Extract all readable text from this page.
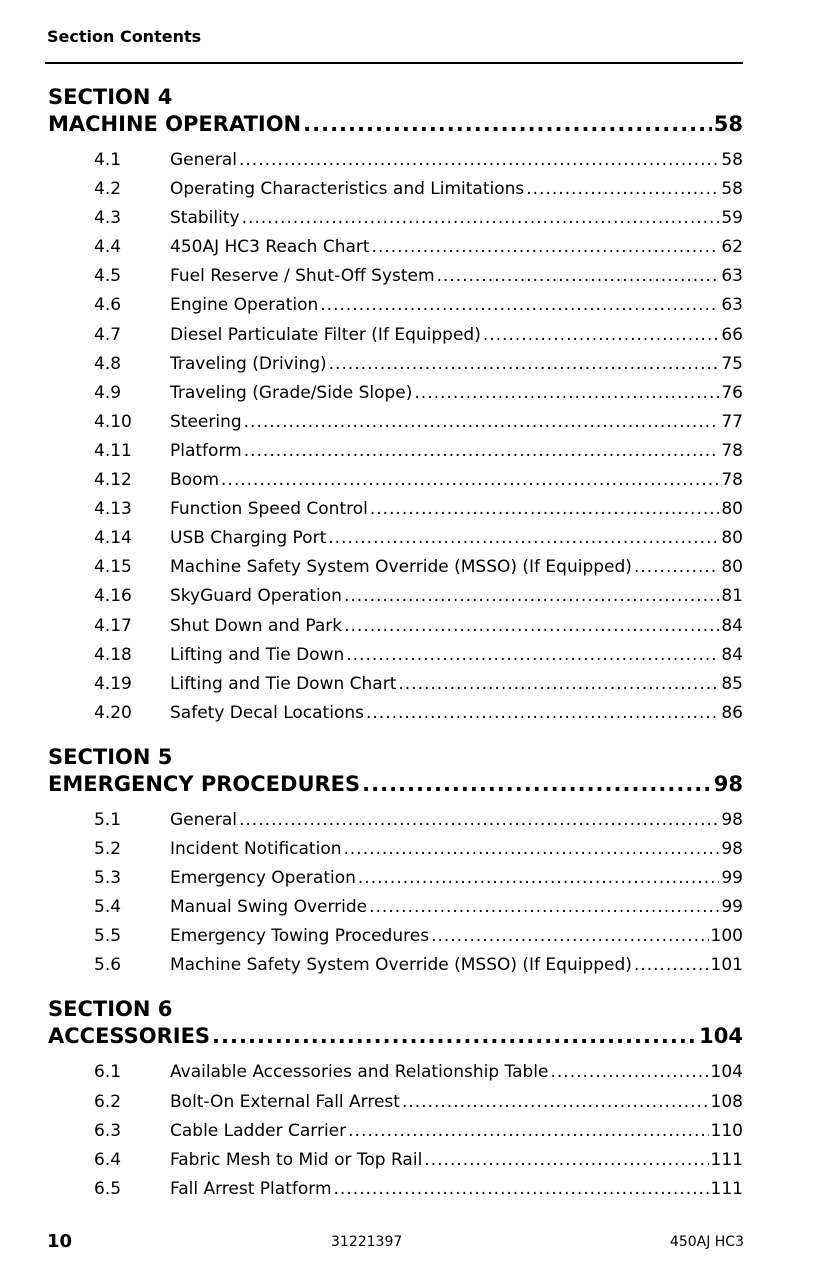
Section Contents
SECTION 4
MACHINE OPERATION .....	58
4.1	General .....	58
4.2	Operating Characteristics and Limitations .....	58
4.3	Stability .....	59
4.4	450AJ HC3 Reach Chart .....	62
4.5	Fuel Reserve / Shut-Off System .....	63
4.6	Engine Operation .....	63
4.7	Diesel Particulate Filter (If Equipped) .....	66
4.8	Traveling (Driving) .....	75
4.9	Traveling (Grade/Side Slope) .....	76
4.10	Steering .....	77
4.11	Platform .....	78
4.12	Boom .....	78
4.13	Function Speed Control .....	80
4.14	USB Charging Port .....	80
4.15	Machine Safety System Override (MSSO) (If Equipped) .....	80
4.16	SkyGuard Operation .....	81
4.17	Shut Down and Park .....	84
4.18	Lifting and Tie Down .....	84
4.19	Lifting and Tie Down Chart .....	85
4.20	Safety Decal Locations .....	86
SECTION 5
EMERGENCY PROCEDURES .....	98
5.1	General .....	98
5.2	Incident Notification .....	98
5.3	Emergency Operation .....	99
5.4	Manual Swing Override .....	99
5.5	Emergency Towing Procedures .....	100
5.6	Machine Safety System Override (MSSO) (If Equipped) .....	101
SECTION 6
ACCESSORIES .....	104
6.1	Available Accessories and Relationship Table .....	104
6.2	Bolt-On External Fall Arrest .....	108
6.3	Cable Ladder Carrier .....	110
6.4	Fabric Mesh to Mid or Top Rail .....	111
6.5	Fall Arrest Platform .....	111
10	31221397	450AJ HC3
